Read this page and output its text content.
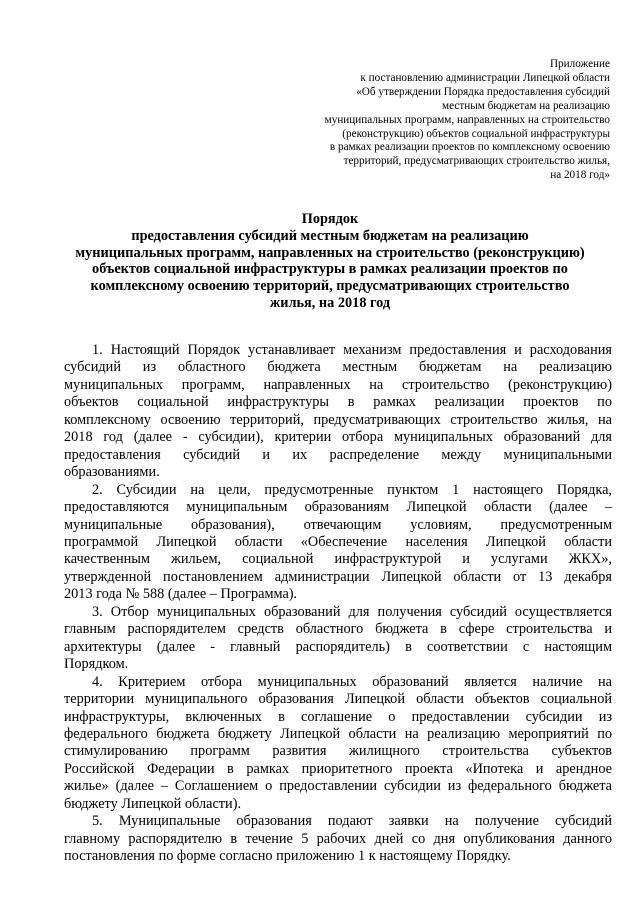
Приложение
к постановлению администрации Липецкой области
«Об утверждении Порядка предоставления субсидий
местным бюджетам на реализацию
муниципальных программ, направленных на строительство
(реконструкцию) объектов социальной инфраструктуры
в рамках реализации проектов по комплексному освоению
территорий, предусматривающих строительство жилья,
на 2018 год»
Порядок
предоставления субсидий местным бюджетам на реализацию
муниципальных программ, направленных на строительство (реконструкцию)
объектов социальной инфраструктуры в рамках реализации проектов по
комплексному освоению территорий, предусматривающих строительство
жилья, на 2018 год

1. Настоящий Порядок устанавливает механизм предоставления и расходования
субсидий из областного бюджета местным бюджетам на реализацию
муниципальных программ, направленных на строительство (реконструкцию)
объектов социальной инфраструктуры в рамках реализации проектов по
комплексному освоению территорий, предусматривающих строительство жилья, на
2018 год (далее - субсидии), критерии отбора муниципальных образований для
предоставления субсидий и их распределение между муниципальными
образованиями.

2. Субсидии на цели, предусмотренные пунктом 1 настоящего Порядка,
предоставляются муниципальным образованиям Липецкой области (далее –
муниципальные образования), отвечающим условиям, предусмотренным
программой Липецкой области «Обеспечение населения Липецкой области
качественным жильем, социальной инфраструктурой и услугами ЖКХ»,
утвержденной постановлением администрации Липецкой области от 13 декабря
2013 года № 588 (далее – Программа).

3. Отбор муниципальных образований для получения субсидий осуществляется
главным распорядителем средств областного бюджета в сфере строительства и
архитектуры (далее - главный распорядитель) в соответствии с настоящим
Порядком.

4. Критерием отбора муниципальных образований является наличие на
территории муниципального образования Липецкой области объектов социальной
инфраструктуры, включенных в соглашение о предоставлении субсидии из
федерального бюджета бюджету Липецкой области на реализацию мероприятий по
стимулированию программ развития жилищного строительства субъектов
Российской Федерации в рамках приоритетного проекта «Ипотека и арендное
жилье» (далее – Соглашением о предоставлении субсидии из федерального бюджета
бюджету Липецкой области).

5. Муниципальные образования подают заявки на получение субсидий
главному распорядителю в течение 5 рабочих дней со дня опубликования данного
постановления по форме согласно приложению 1 к настоящему Порядку.
